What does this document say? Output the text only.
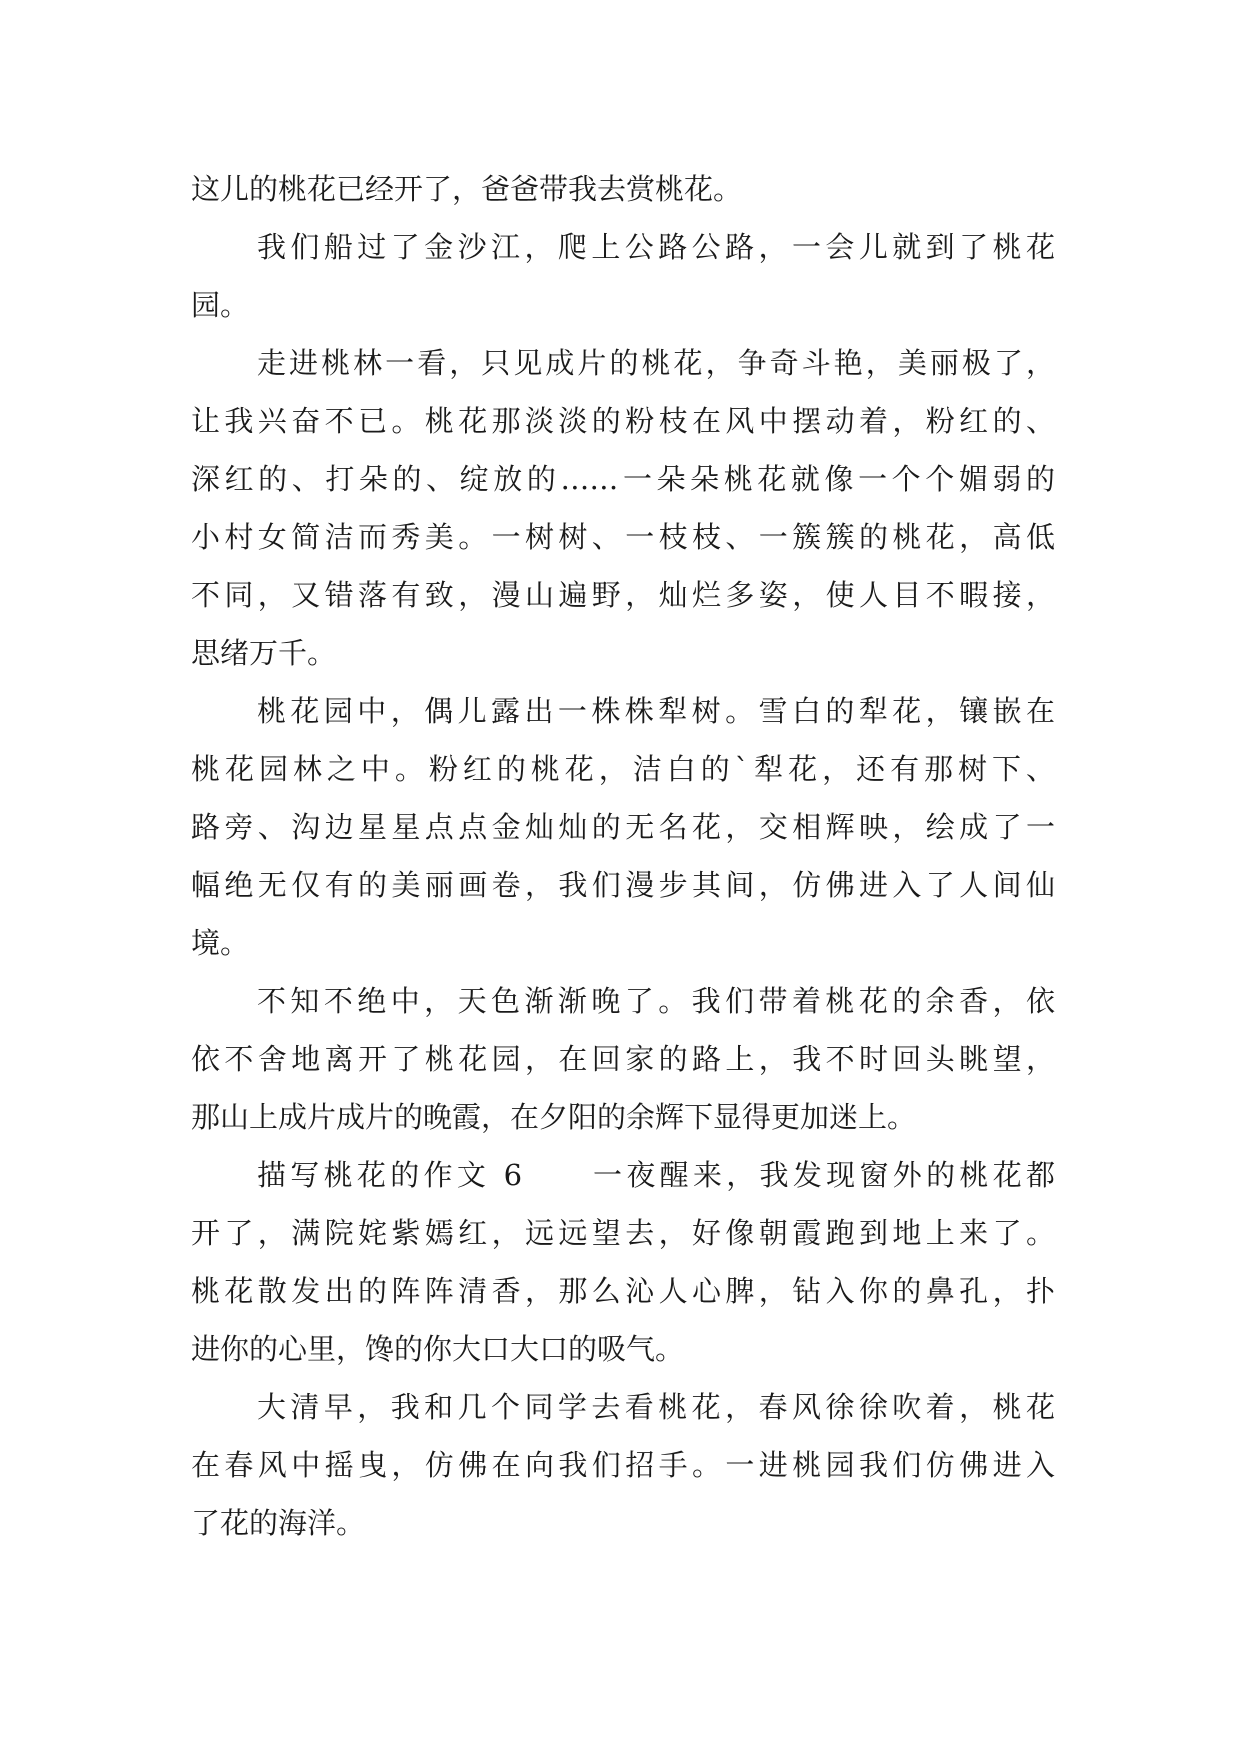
这儿的桃花已经开了，爸爸带我去赏桃花。
我们船过了金沙江，爬上公路公路，一会儿就到了桃花
园。
走进桃林一看，只见成片的桃花，争奇斗艳，美丽极了，
让我兴奋不已。桃花那淡淡的粉枝在风中摆动着，粉红的、
深红的、打朵的、绽放的……一朵朵桃花就像一个个媚弱的
小村女简洁而秀美。一树树、一枝枝、一簇簇的桃花，高低
不同，又错落有致，漫山遍野，灿烂多姿，使人目不暇接，
思绪万千。
桃花园中，偶儿露出一株株犁树。雪白的犁花，镶嵌在
桃花园林之中。粉红的桃花，洁白的`犁花，还有那树下、
路旁、沟边星星点点金灿灿的无名花，交相辉映，绘成了一
幅绝无仅有的美丽画卷，我们漫步其间，仿佛进入了人间仙
境。
不知不绝中，天色渐渐晚了。我们带着桃花的余香，依
依不舍地离开了桃花园，在回家的路上，我不时回头眺望，
那山上成片成片的晚霞，在夕阳的余辉下显得更加迷上。
描写桃花的作文 6　　一夜醒来，我发现窗外的桃花都
开了，满院姹紫嫣红，远远望去，好像朝霞跑到地上来了。
桃花散发出的阵阵清香，那么沁人心脾，钻入你的鼻孔，扑
进你的心里，馋的你大口大口的吸气。
大清早，我和几个同学去看桃花，春风徐徐吹着，桃花
在春风中摇曳，仿佛在向我们招手。一进桃园我们仿佛进入
了花的海洋。
